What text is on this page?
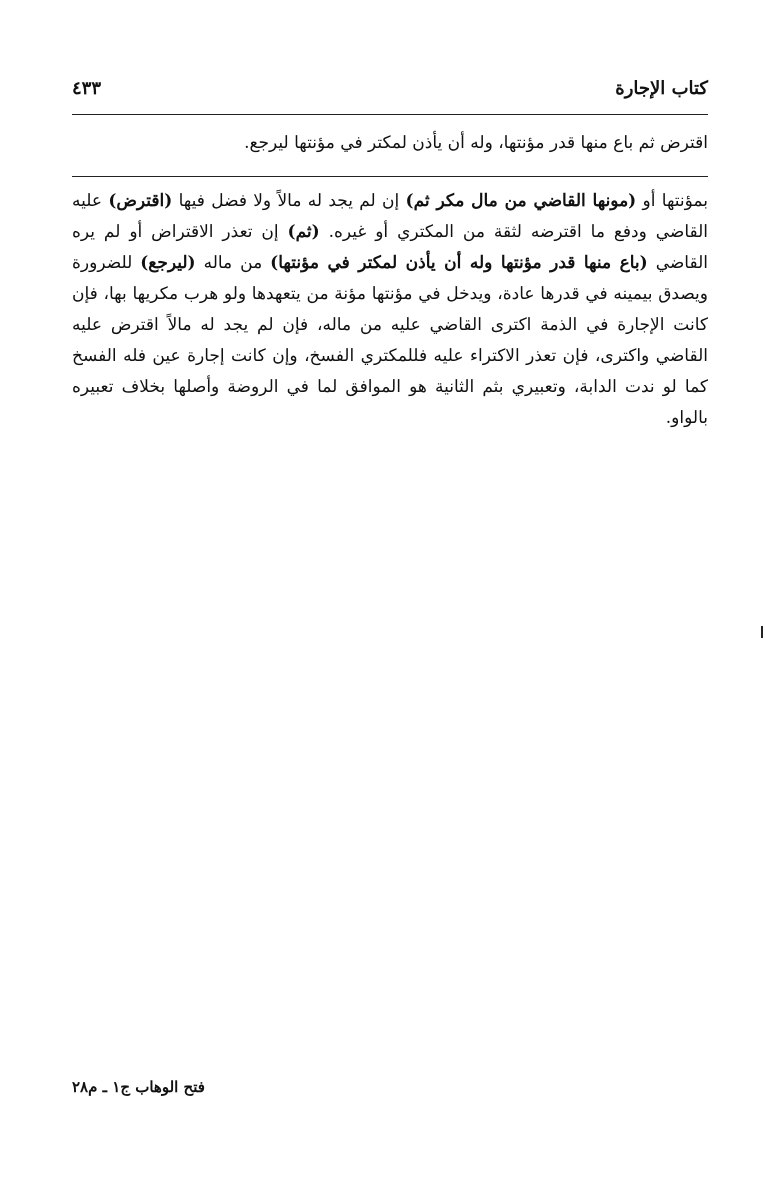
كتاب الإجارة
٤٣٣
اقترض ثم باع منها قدر مؤنتها، وله أن يأذن لمكتر في مؤنتها ليرجع.
بمؤنتها أو (مونها القاضي من مال مكر ثم) إن لم يجد له مالاً ولا فضل فيها (اقترض) عليه القاضي ودفع ما اقترضه لثقة من المكتري أو غيره. (ثم) إن تعذر الاقتراض أو لم يره القاضي (باع منها قدر مؤنتها وله أن يأذن لمكتر في مؤنتها) من ماله (ليرجع) للضرورة ويصدق بيمينه في قدرها عادة، ويدخل في مؤنتها مؤنة من يتعهدها ولو هرب مكريها بها، فإن كانت الإجارة في الذمة اكترى القاضي عليه من ماله، فإن لم يجد له مالاً اقترض عليه القاضي واكترى، فإن تعذر الاكتراء عليه فللمكتري الفسخ، وإن كانت إجارة عين فله الفسخ كما لو ندت الدابة، وتعبيري بثم الثانية هو الموافق لما في الروضة وأصلها بخلاف تعبيره بالواو.
فتح الوهاب ج١ ـ م٢٨
